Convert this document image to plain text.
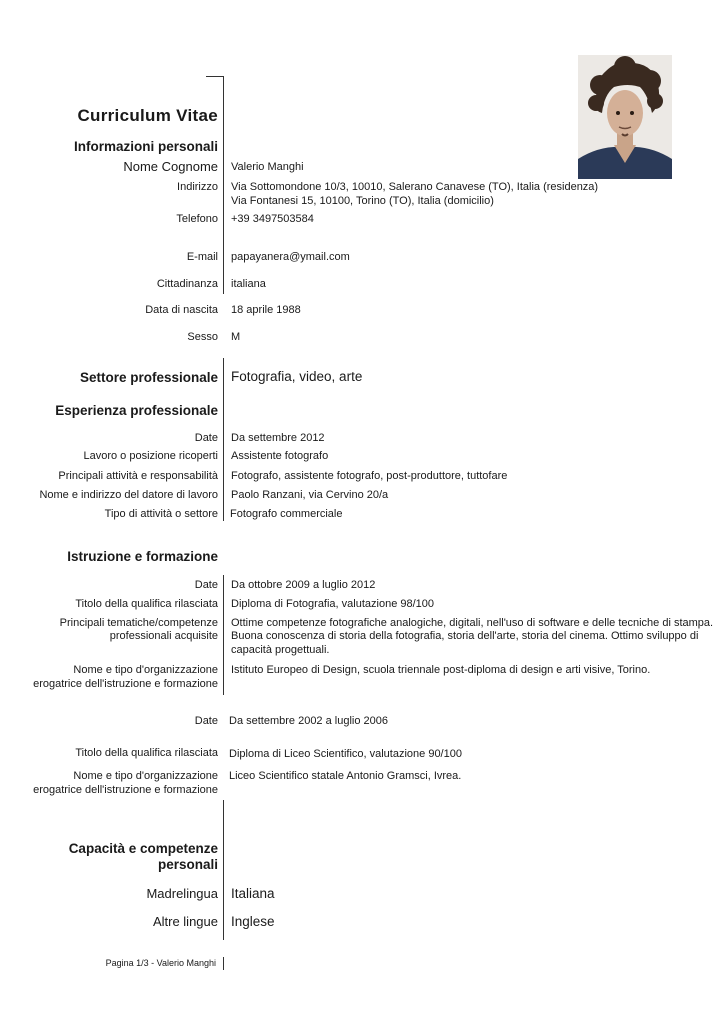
Curriculum Vitae
Informazioni personali
Nome Cognome Valerio Manghi
Indirizzo Via Sottomondone 10/3, 10010, Salerano Canavese (TO), Italia (residenza)
Via Fontanesi 15, 10100, Torino (TO), Italia (domicilio)
Telefono +39 3497503584
E-mail papayanera@ymail.com
Cittadinanza italiana
Data di nascita 18 aprile 1988
Sesso M
Settore professionale Fotografia, video, arte
Esperienza professionale
Date Da settembre 2012
Lavoro o posizione ricoperti Assistente fotografo
Principali attività e responsabilità Fotografo, assistente fotografo, post-produttore, tuttofare
Nome e indirizzo del datore di lavoro Paolo Ranzani, via Cervino 20/a
Tipo di attività o settore Fotografo commerciale
Istruzione e formazione
Date Da ottobre 2009 a luglio 2012
Titolo della qualifica rilasciata Diploma di Fotografia, valutazione 98/100
Principali tematiche/competenze
professionali acquisite
Ottime competenze fotografiche analogiche, digitali, nell'uso di software e delle tecniche di stampa.
Buona conoscenza di storia della fotografia, storia dell'arte, storia del cinema. Ottimo sviluppo di
capacità progettuali.
Nome e tipo d'organizzazione
erogatrice dell'istruzione e formazione
Istituto Europeo di Design, scuola triennale post-diploma di design e arti visive, Torino.
Date Da settembre 2002 a luglio 2006
Titolo della qualifica rilasciata Diploma di Liceo Scientifico, valutazione 90/100
Nome e tipo d'organizzazione
erogatrice dell'istruzione e formazione
Liceo Scientifico statale Antonio Gramsci, Ivrea.
Capacità e competenze
personali
Madrelingua Italiana
Altre lingue Inglese
Pagina 1/3 - Valerio Manghi
